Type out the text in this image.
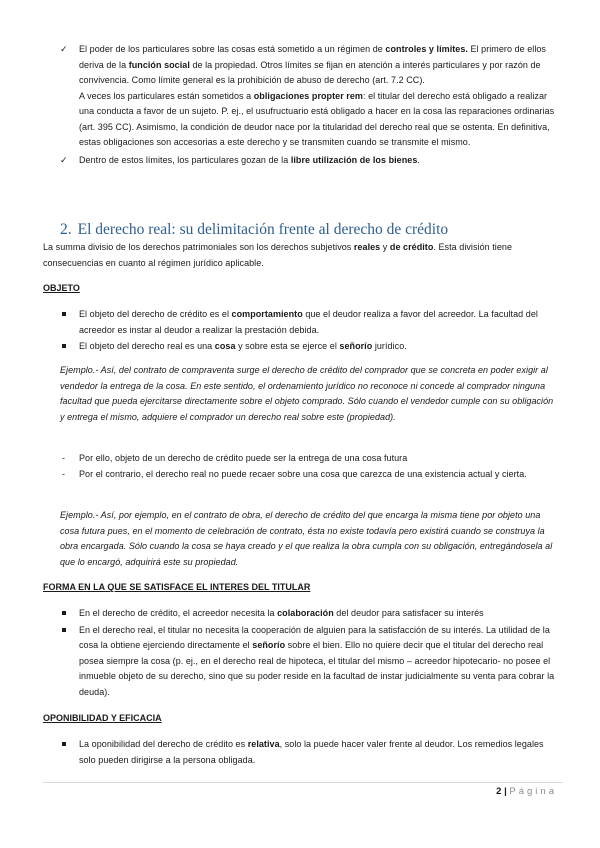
✓ El poder de los particulares sobre las cosas está sometido a un régimen de controles y límites. El primero de ellos deriva de la función social de la propiedad. Otros límites se fijan en atención a interés particulares y por razón de convivencia. Como límite general es la prohibición de abuso de derecho (art. 7.2 CC).
A veces los particulares están sometidos a obligaciones propter rem: el titular del derecho está obligado a realizar una conducta a favor de un sujeto. P. ej., el usufructuario está obligado a hacer en la cosa las reparaciones ordinarias (art. 395 CC). Asimismo, la condición de deudor nace por la titularidad del derecho real que se ostenta. En definitiva, estas obligaciones son accesorias a este derecho y se transmiten cuando se transmite el mismo.
✓ Dentro de estos límites, los particulares gozan de la libre utilización de los bienes.
2. El derecho real: su delimitación frente al derecho de crédito
La summa divisio de los derechos patrimoniales son los derechos subjetivos reales y de crédito. Esta división tiene consecuencias en cuanto al régimen jurídico aplicable.
OBJETO
El objeto del derecho de crédito es el comportamiento que el deudor realiza a favor del acreedor. La facultad del acreedor es instar al deudor a realizar la prestación debida.
El objeto del derecho real es una cosa y sobre esta se ejerce el señorío jurídico.
Ejemplo.- Así, del contrato de compraventa surge el derecho de crédito del comprador que se concreta en poder exigir al vendedor la entrega de la cosa. En este sentido, el ordenamiento jurídico no reconoce ni concede al comprador ninguna facultad que pueda ejercitarse directamente sobre el objeto comprado. Sólo cuando el vendedor cumple con su obligación y entrega el mismo, adquiere el comprador un derecho real sobre este (propiedad).
- Por ello, objeto de un derecho de crédito puede ser la entrega de una cosa futura
- Por el contrario, el derecho real no puede recaer sobre una cosa que carezca de una existencia actual y cierta.
Ejemplo.- Así, por ejemplo, en el contrato de obra, el derecho de crédito del que encarga la misma tiene por objeto una cosa futura pues, en el momento de celebración de contrato, ésta no existe todavía pero existirá cuando se construya la obra encargada. Sólo cuando la cosa se haya creado y el que realiza la obra cumpla con su obligación, entregándosela al que lo encargó, adquirirá este su propiedad.
FORMA EN LA QUE SE SATISFACE EL INTERES DEL TITULAR
En el derecho de crédito, el acreedor necesita la colaboración del deudor para satisfacer su interés
En el derecho real, el titular no necesita la cooperación de alguien para la satisfacción de su interés. La utilidad de la cosa la obtiene ejerciendo directamente el señorío sobre el bien. Ello no quiere decir que el titular del derecho real posea siempre la cosa (p. ej., en el derecho real de hipoteca, el titular del mismo – acreedor hipotecario- no posee el inmueble objeto de su derecho, sino que su poder reside en la facultad de instar judicialmente su venta para cobrar la deuda).
OPONIBILIDAD Y EFICACIA
La oponibilidad del derecho de crédito es relativa, solo la puede hacer valer frente al deudor. Los remedios legales solo pueden dirigirse a la persona obligada.
2 | Página
